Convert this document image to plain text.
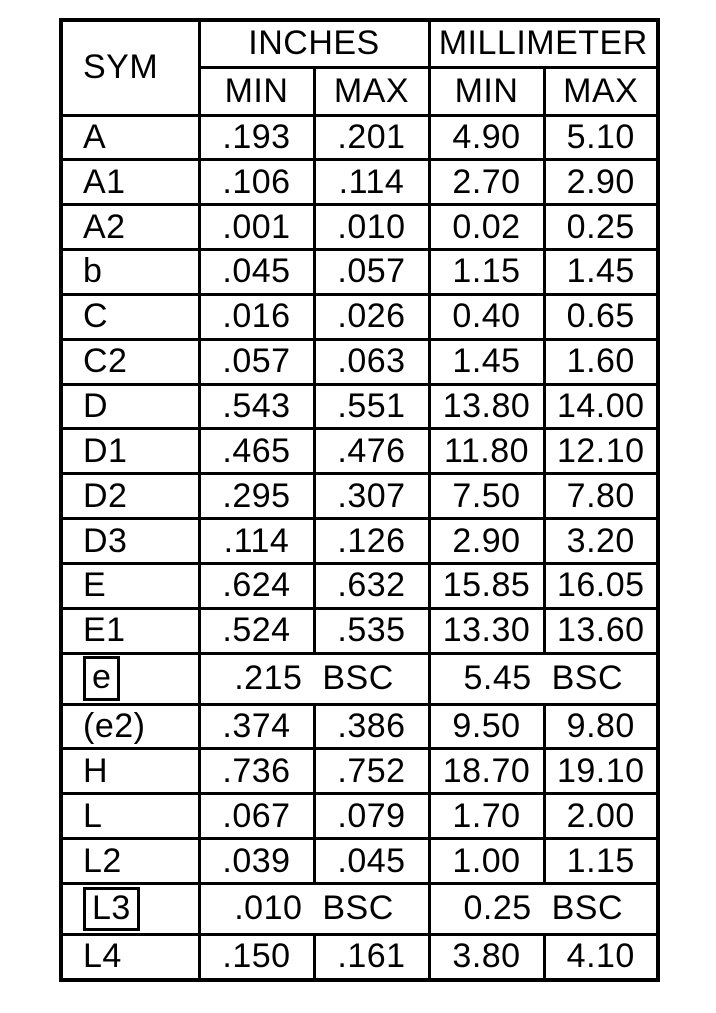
SYM	INCHES		MILLIMETER	
	MIN	MAX	MIN	MAX
A	.193	.201	4.90	5.10
A1	.106	.114	2.70	2.90
A2	.001	.010	0.02	0.25
b	.045	.057	1.15	1.45
C	.016	.026	0.40	0.65
C2	.057	.063	1.45	1.60
D	.543	.551	13.80	14.00
D1	.465	.476	11.80	12.10
D2	.295	.307	7.50	7.80
D3	.114	.126	2.90	3.20
E	.624	.632	15.85	16.05
E1	.524	.535	13.30	13.60
e	.215 BSC		5.45 BSC	
(e2)	.374	.386	9.50	9.80
H	.736	.752	18.70	19.10
L	.067	.079	1.70	2.00
L2	.039	.045	1.00	1.15
L3	.010 BSC		0.25 BSC	
L4	.150	.161	3.80	4.10
